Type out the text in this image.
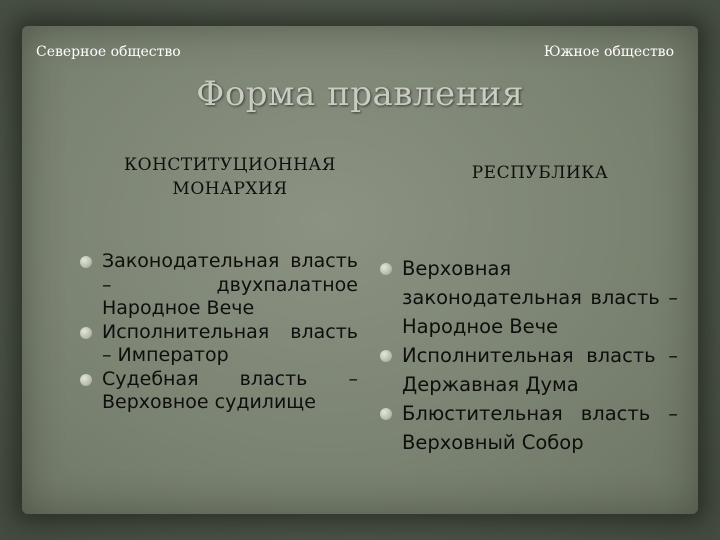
Северное общество	Южное общество
Форма правления
КОНСТИТУЦИОННАЯ
МОНАРХИЯ
РЕСПУБЛИКА
Законодательная власть – двухпалатное Народное Вече
Исполнительная власть – Император
Судебная власть – Верховное судилище
Верховная законодательная власть – Народное Вече
Исполнительная власть – Державная Дума
Блюстительная власть – Верховный Собор
